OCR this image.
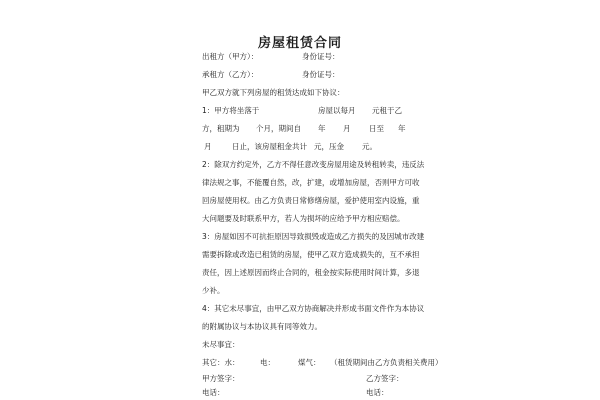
房屋租赁合同
出租方（甲方）：	身份证号：
承租方（乙方）：	身份证号：
甲乙双方就下列房屋的租赁达成如下协议：
1：甲方将坐落于	房屋以每月 元租于乙
方，租期为 个月，期间自 年 月 日至 年
月	日止，该房屋租金共计 元，压金 元。
2：除双方约定外，乙方不得任意改变房屋用途及转租转卖，违反法
律法规之事，不能覆自然，改，扩建，或增加房屋，否则甲方可收
回房屋使用权。由乙方负责日常修缮房屋，爱护使用室内设施，重
大问题要及时联系甲方，若人为损坏的应给予甲方相应赔偿。
3：房屋如因不可抗拒原因导致损毁或造成乙方损失的及因城市改建
需要拆除或改造已租赁的房屋，使甲乙双方造成损失的，互不承担
责任，因上述原因而终止合同的，租金按实际使用时间计算，多退
少补。
4：其它未尽事宜，由甲乙双方协商解决并形成书面文件作为本协议
的附属协议与本协议具有同等效力。
未尽事宜：
其它：水：	电：	煤气： （租赁期间由乙方负责相关费用）
甲方签字：	乙方签字：
电话：	电话：
